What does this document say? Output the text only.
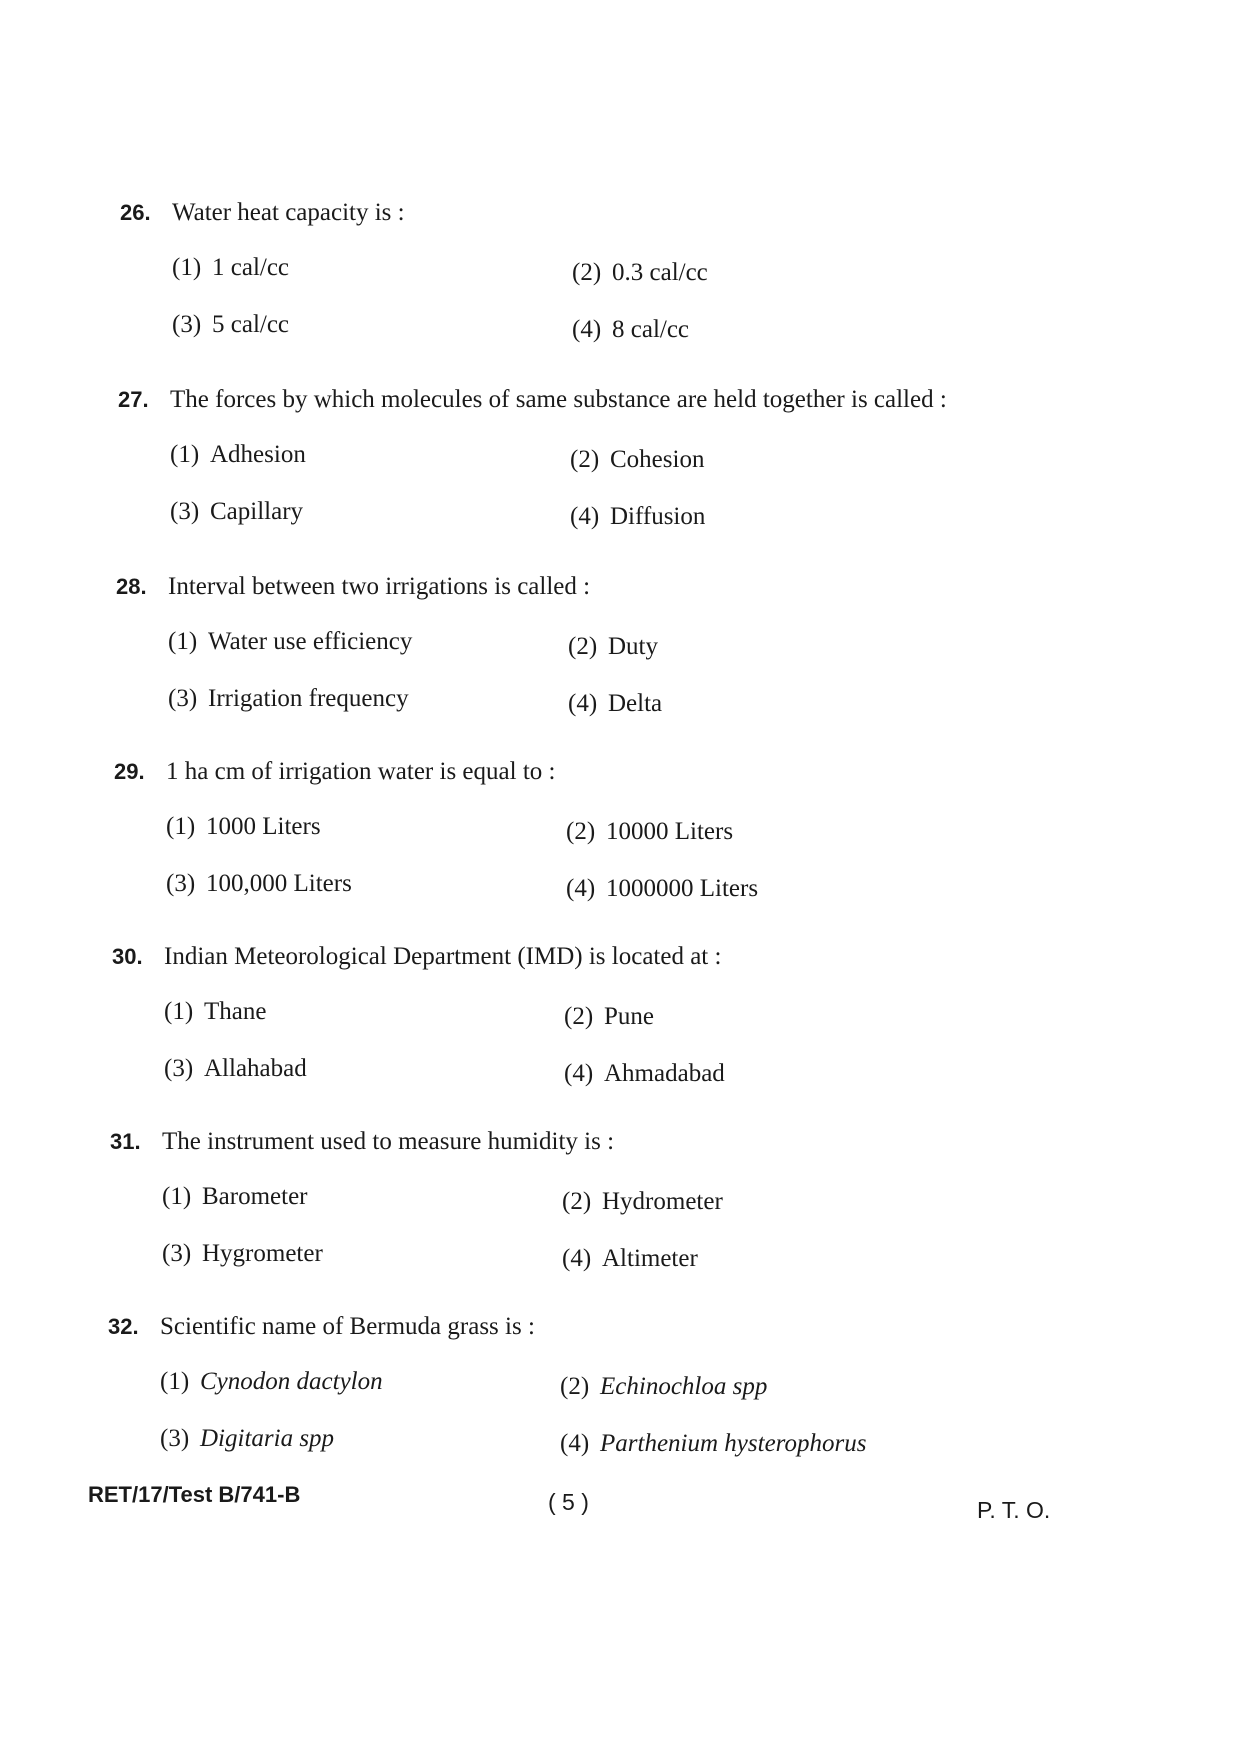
26. Water heat capacity is :
(1) 1 cal/cc	(2) 0.3 cal/cc
(3) 5 cal/cc	(4) 8 cal/cc
27. The forces by which molecules of same substance are held together is called :
(1) Adhesion	(2) Cohesion
(3) Capillary	(4) Diffusion
28. Interval between two irrigations is called :
(1) Water use efficiency	(2) Duty
(3) Irrigation frequency	(4) Delta
29. 1 ha cm of irrigation water is equal to :
(1) 1000 Liters	(2) 10000 Liters
(3) 100,000 Liters	(4) 1000000 Liters
30. Indian Meteorological Department (IMD) is located at :
(1) Thane	(2) Pune
(3) Allahabad	(4) Ahmadabad
31. The instrument used to measure humidity is :
(1) Barometer	(2) Hydrometer
(3) Hygrometer	(4) Altimeter
32. Scientific name of Bermuda grass is :
(1) Cynodon dactylon	(2) Echinochloa spp
(3) Digitaria spp	(4) Parthenium hysterophorus
RET/17/Test B/741-B	( 5 )	P. T. O.
